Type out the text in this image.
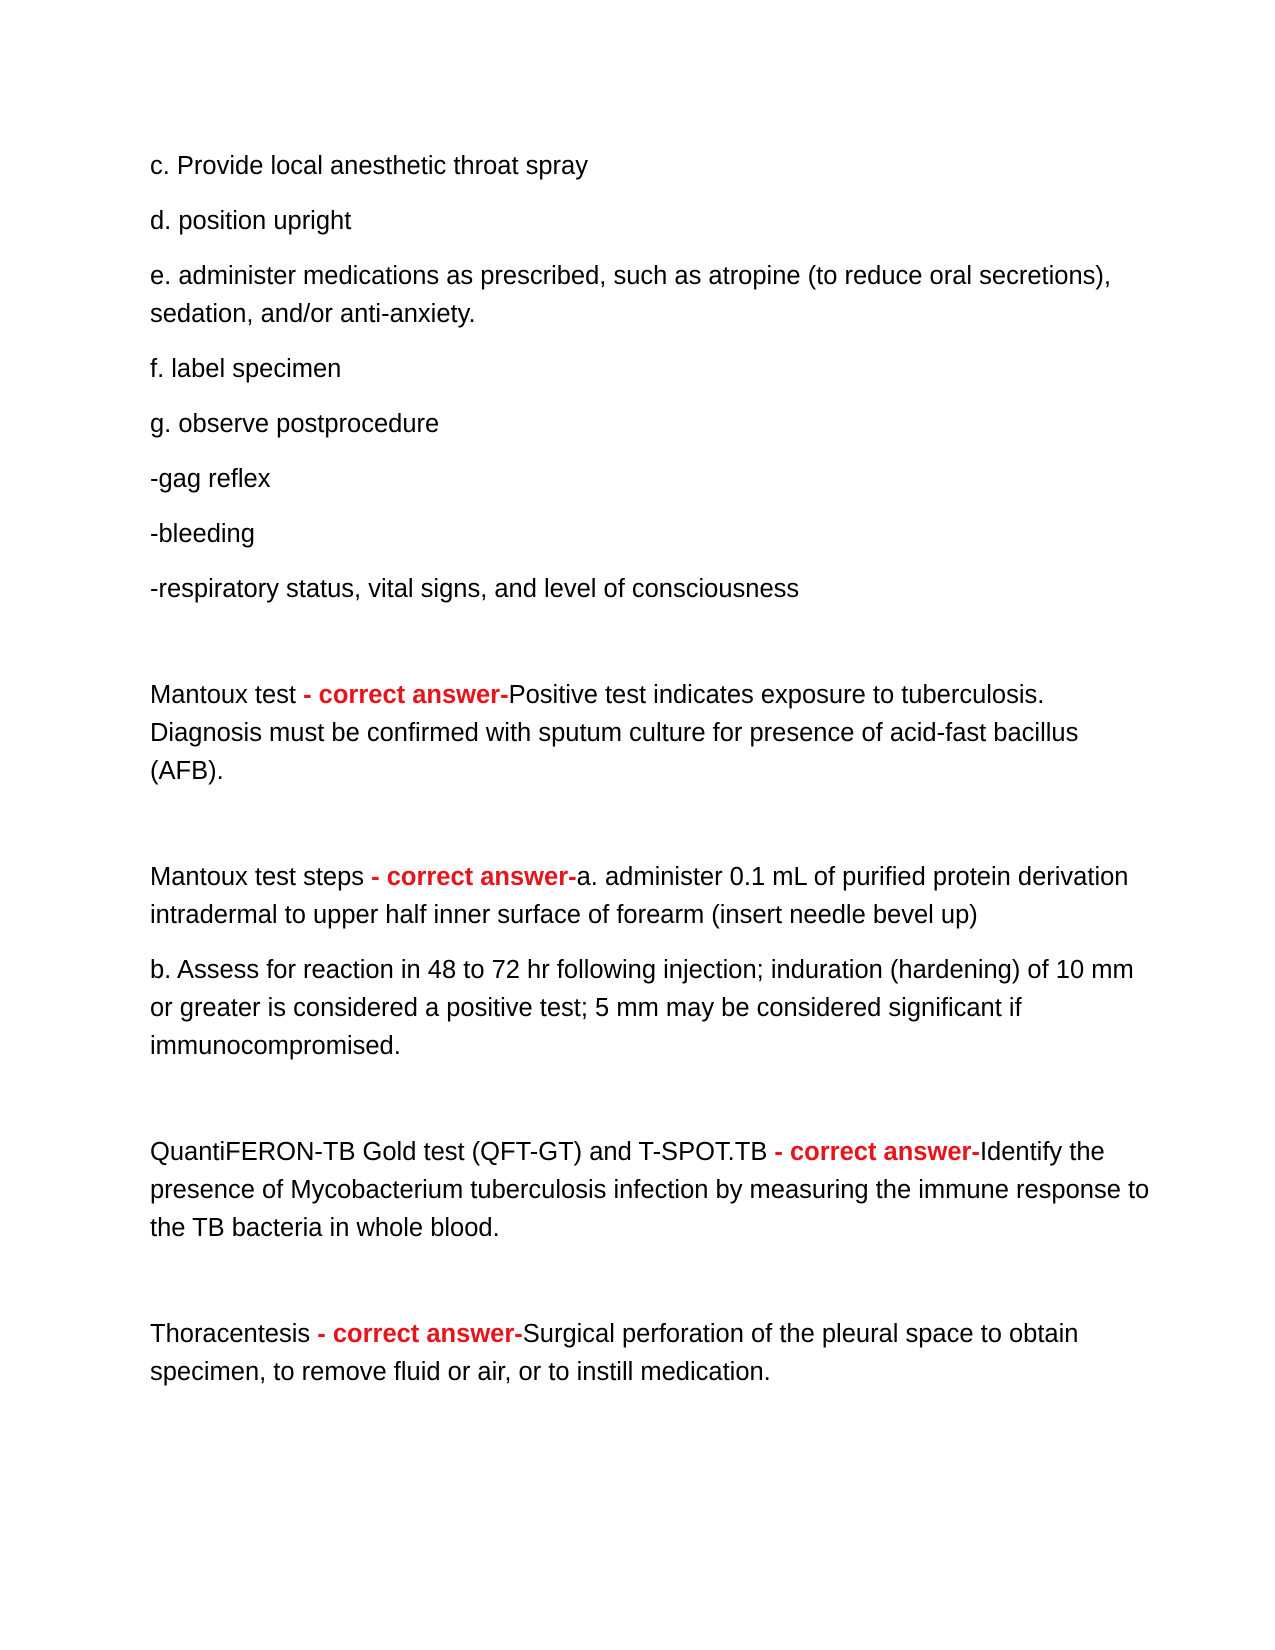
c. Provide local anesthetic throat spray

d. position upright

e. administer medications as prescribed, such as atropine (to reduce oral secretions), sedation, and/or anti-anxiety.

f. label specimen

g. observe postprocedure

-gag reflex

-bleeding

-respiratory status, vital signs, and level of consciousness

Mantoux test - correct answer-Positive test indicates exposure to tuberculosis. Diagnosis must be confirmed with sputum culture for presence of acid-fast bacillus (AFB).

Mantoux test steps - correct answer-a. administer 0.1 mL of purified protein derivation intradermal to upper half inner surface of forearm (insert needle bevel up)

b. Assess for reaction in 48 to 72 hr following injection; induration (hardening) of 10 mm or greater is considered a positive test; 5 mm may be considered significant if immunocompromised.

QuantiFERON-TB Gold test (QFT-GT) and T-SPOT.TB - correct answer-Identify the presence of Mycobacterium tuberculosis infection by measuring the immune response to the TB bacteria in whole blood.

Thoracentesis - correct answer-Surgical perforation of the pleural space to obtain specimen, to remove fluid or air, or to instill medication.
